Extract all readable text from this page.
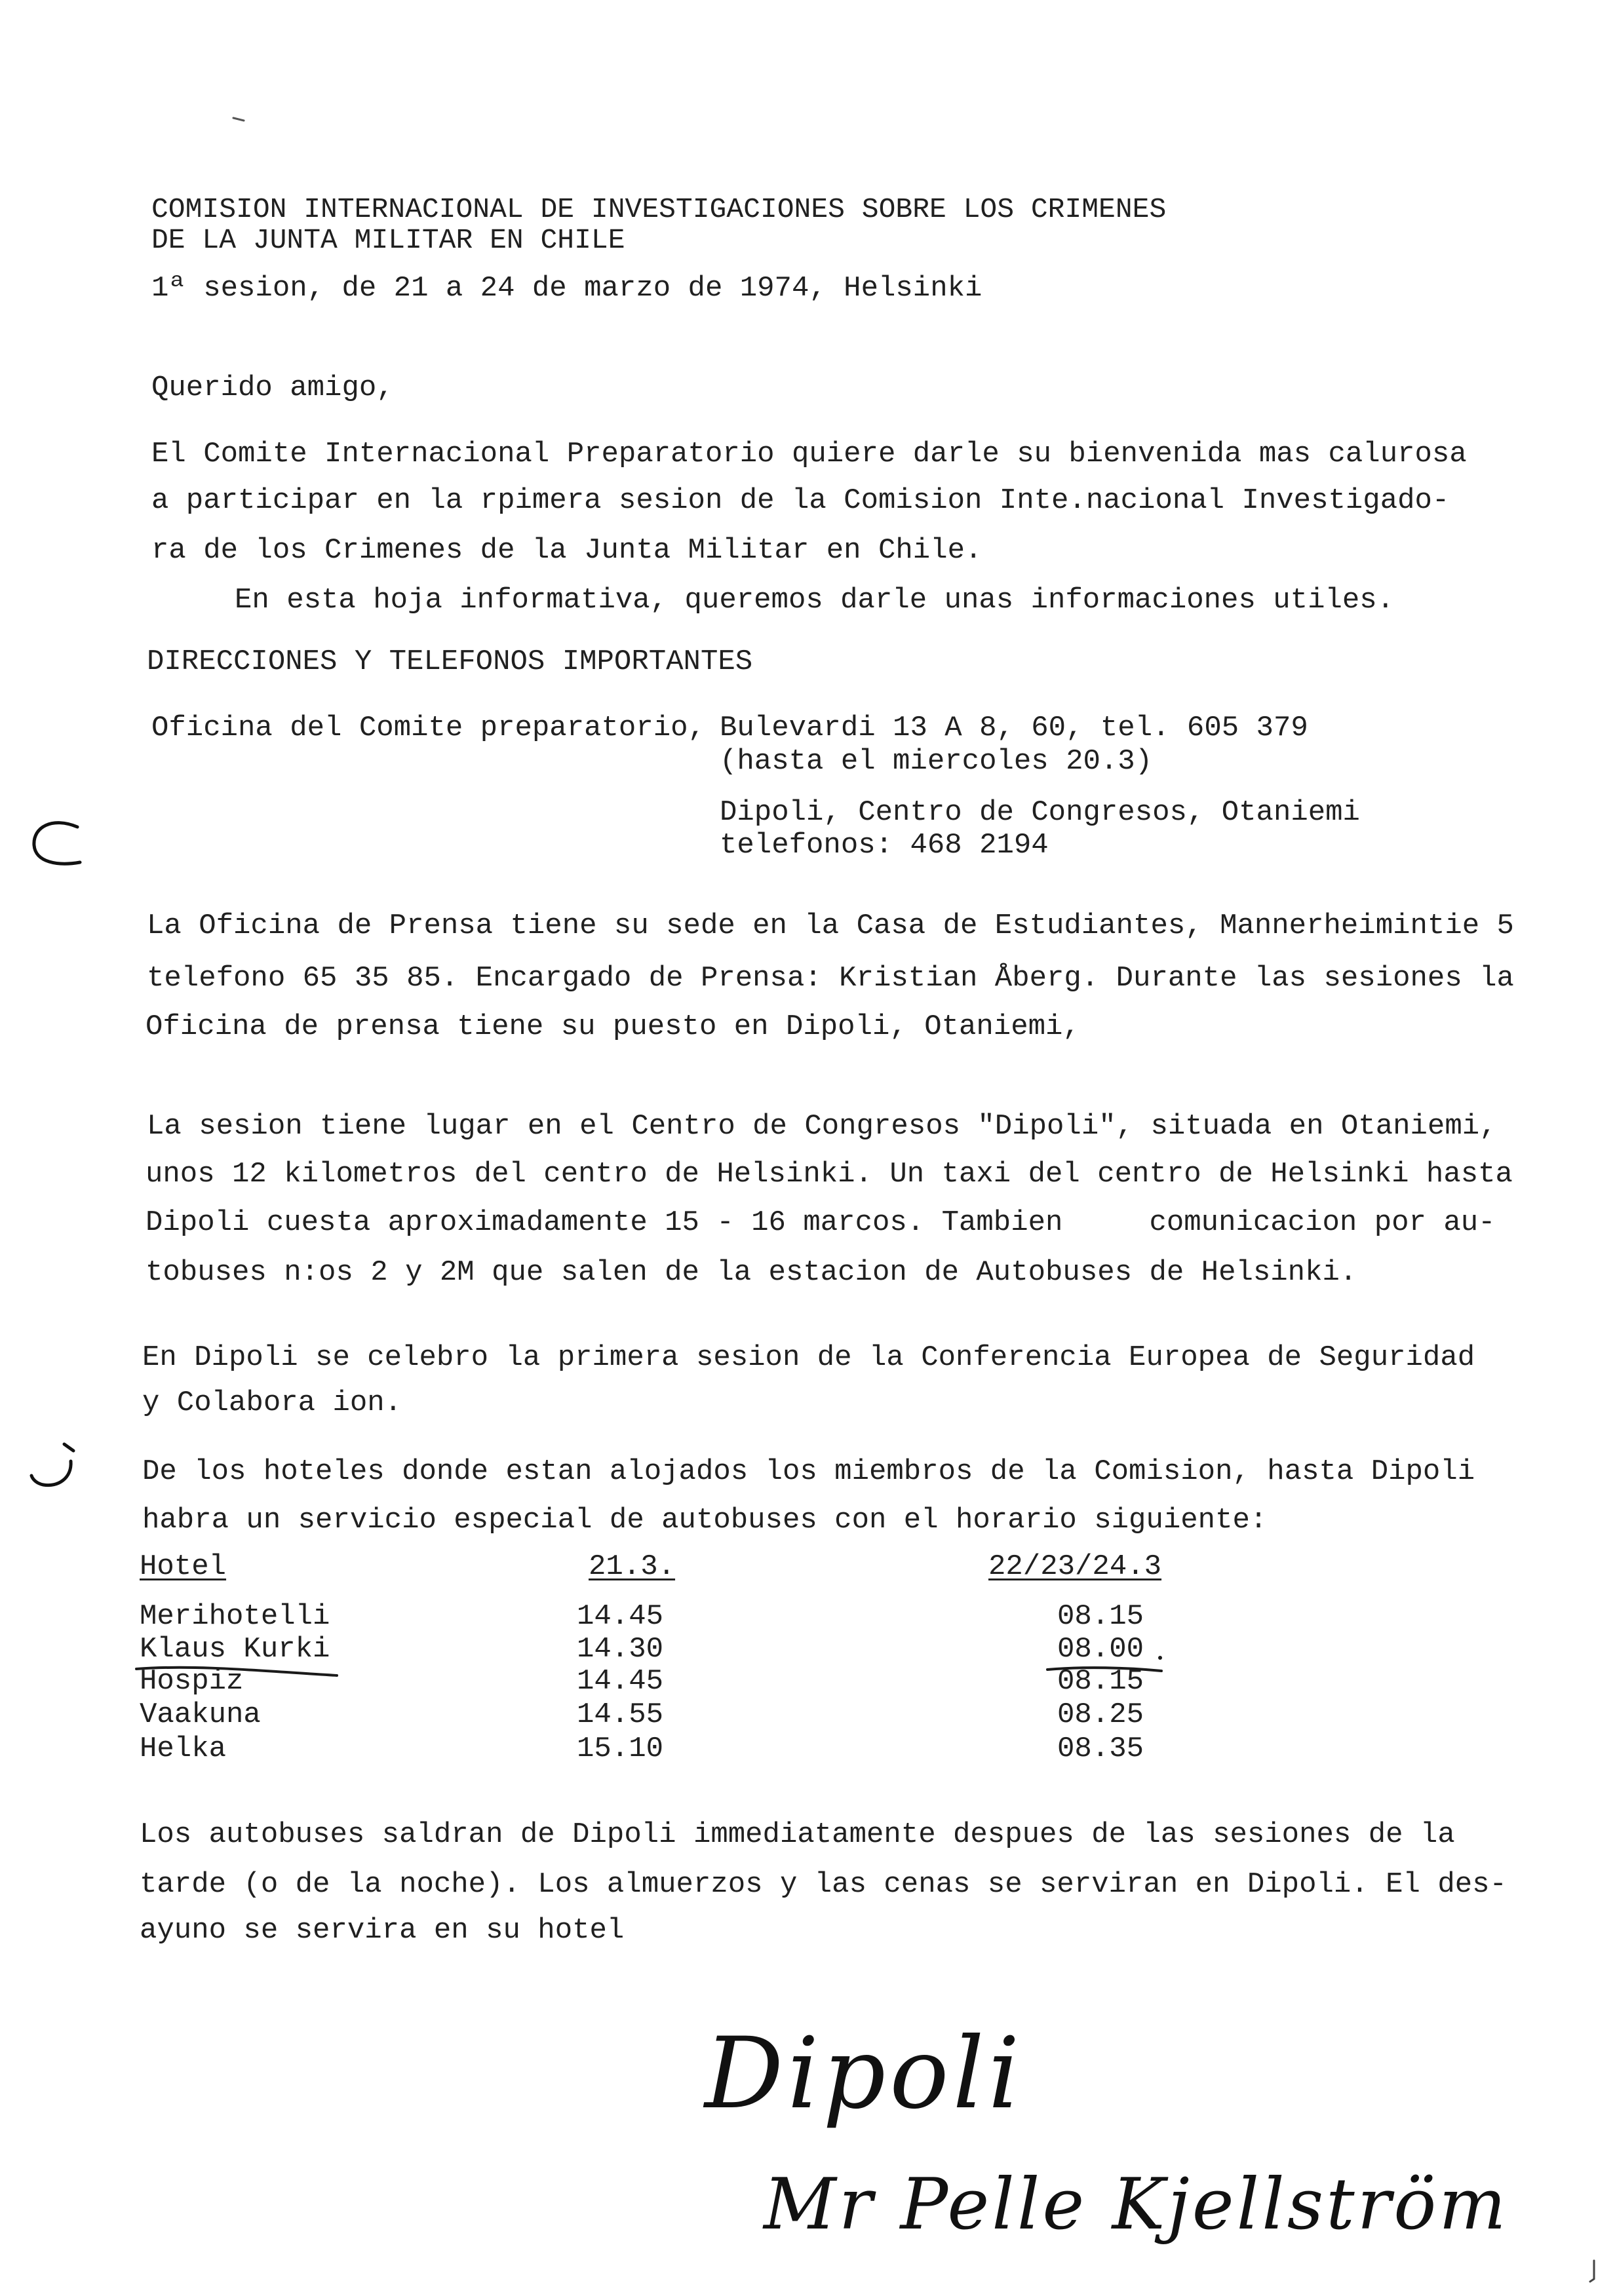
COMISION INTERNACIONAL DE INVESTIGACIONES SOBRE LOS CRIMENES
DE LA JUNTA MILITAR EN CHILE
1ª sesion, de 21 a 24 de marzo de 1974, Helsinki
Querido amigo,
El Comite Internacional Preparatorio quiere darle su bienvenida mas calurosa
a participar en la rpimera sesion de la Comision Inte.nacional Investigado-
ra de los Crimenes de la Junta Militar en Chile.
En esta hoja informativa, queremos darle unas informaciones utiles.
DIRECCIONES Y TELEFONOS IMPORTANTES
Oficina del Comite preparatorio, Bulevardi 13 A 8, 60, tel. 605 379
(hasta el miercoles 20.3)
Dipoli, Centro de Congresos, Otaniemi
telefonos: 468 2194
La Oficina de Prensa tiene su sede en la Casa de Estudiantes, Mannerheimintie 5
telefono 65 35 85. Encargado de Prensa: Kristian Åberg. Durante las sesiones la
Oficina de prensa tiene su puesto en Dipoli, Otaniemi,
La sesion tiene lugar en el Centro de Congresos "Dipoli", situada en Otaniemi,
unos 12 kilometros del centro de Helsinki. Un taxi del centro de Helsinki hasta
Dipoli cuesta aproximadamente 15 - 16 marcos. Tambien     comunicacion por au-
tobuses n:os 2 y 2M que salen de la estacion de Autobuses de Helsinki.
En Dipoli se celebro la primera sesion de la Conferencia Europea de Seguridad
y Colabora ion.
De los hoteles donde estan alojados los miembros de la Comision, hasta Dipoli
habra un servicio especial de autobuses con el horario siguiente:
Hotel	21.3.	22/23/24.3
Merihotelli	14.45	08.15
Klaus Kurki	14.30	08.00
Hospiz	14.45	08.15
Vaakuna	14.55	08.25
Helka	15.10	08.35
Los autobuses saldran de Dipoli immediatamente despues de las sesiones de la
tarde (o de la noche). Los almuerzos y las cenas se serviran en Dipoli. El des-
ayuno se servira en su hotel
Dipoli
Mr Pelle Kjellström
